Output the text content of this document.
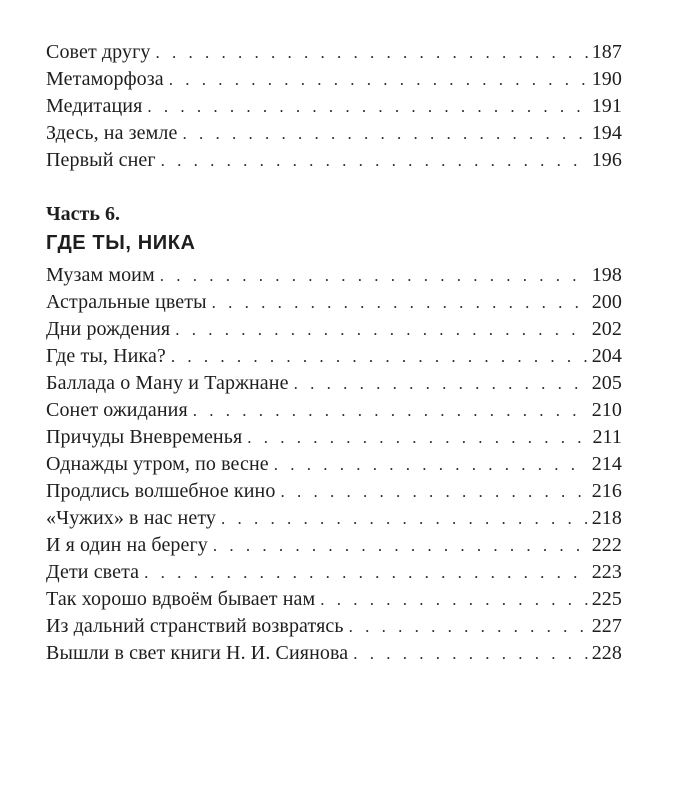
Совет другу . . .	187
Метаморфоза . . .	190
Медитация . . .	191
Здесь, на земле . . .	194
Первый снег . . .	196
Часть 6.
ГДЕ ТЫ, НИКА
Музам моим . . .	198
Астральные цветы . . .	200
Дни рождения . . .	202
Где ты, Ника? . . .	204
Баллада о Ману и Таржнане . . .	205
Сонет ожидания . . .	210
Причуды Вневременья . . .	211
Однажды утром, по весне . . .	214
Продлись волшебное кино . . .	216
«Чужих» в нас нету . . .	218
И я один на берегу . . .	222
Дети света . . .	223
Так хорошо вдвоём бывает нам . . .	225
Из дальний странствий возвратясь . . .	227
Вышли в свет книги Н. И. Сиянова . . .	228
